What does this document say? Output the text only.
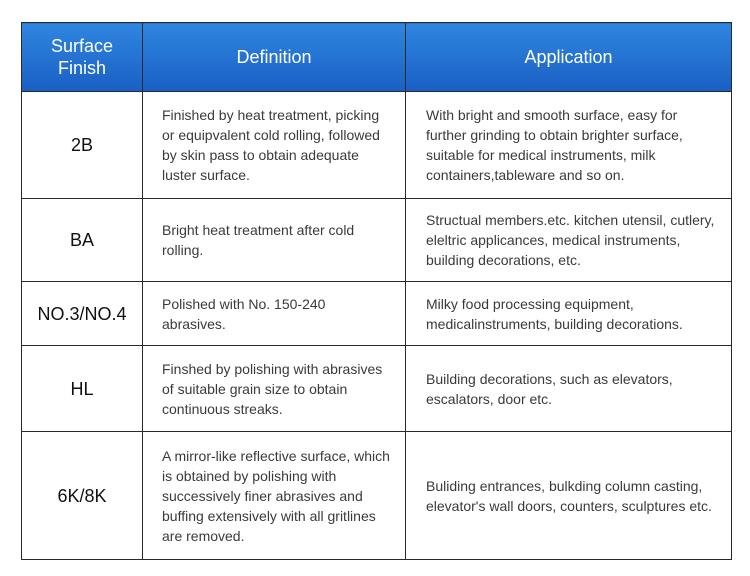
Surface
Finish	Definition	Application
2B	Finished by heat treatment, picking or equipvalent cold rolling, followed by skin pass to obtain adequate luster surface.	With bright and smooth surface, easy for further grinding to obtain brighter surface, suitable for medical instruments, milk containers,tableware and so on.
BA	Bright heat treatment after cold rolling.	Structual members.etc. kitchen utensil, cutlery, eleltric applicances, medical instruments, building decorations, etc.
NO.3/NO.4	Polished with No. 150-240 abrasives.	Milky food processing equipment, medicalinstruments, building decorations.
HL	Finshed by polishing with abrasives of suitable grain size to obtain continuous streaks.	Building decorations, such as elevators, escalators, door etc.
6K/8K	A mirror-like reflective surface, which is obtained by polishing with successively finer abrasives and buffing extensively with all gritlines are removed.	Buliding entrances, bulkding column casting, elevator's wall doors, counters, sculptures etc.
